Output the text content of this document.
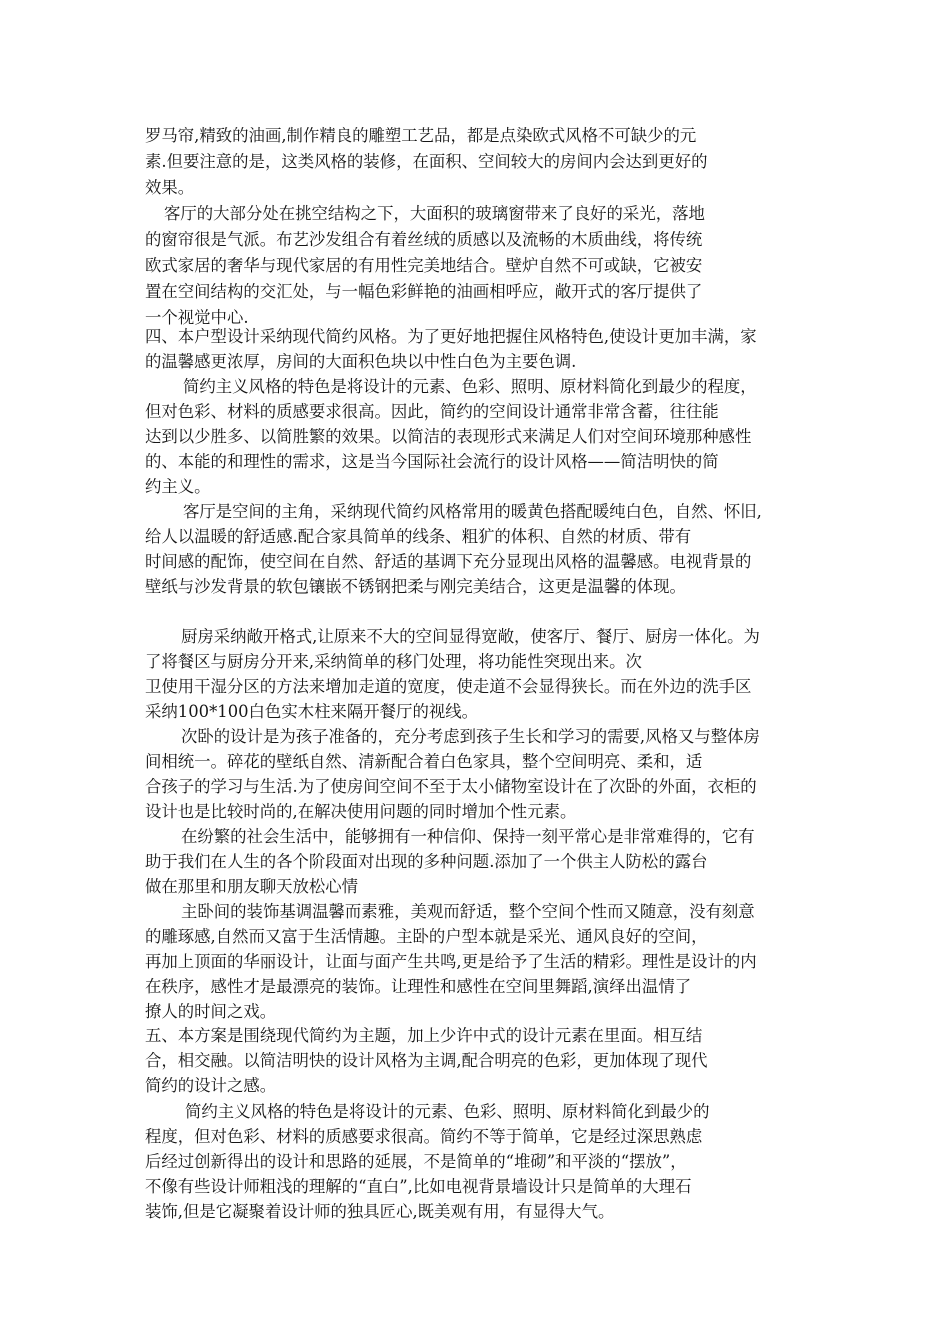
罗马帘,精致的油画,制作精良的雕塑工艺品，都是点染欧式风格不可缺少的元

素.但要注意的是，这类风格的装修，在面积、空间较大的房间内会达到更好的

效果。

客厅的大部分处在挑空结构之下，大面积的玻璃窗带来了良好的采光，落地

的窗帘很是气派。布艺沙发组合有着丝绒的质感以及流畅的木质曲线，将传统

欧式家居的奢华与现代家居的有用性完美地结合。壁炉自然不可或缺，它被安

置在空间结构的交汇处，与一幅色彩鲜艳的油画相呼应，敞开式的客厅提供了

一个视觉中心.

四、本户型设计采纳现代简约风格。为了更好地把握住风格特色,使设计更加丰满，家

的温馨感更浓厚，房间的大面积色块以中性白色为主要色调.

简约主义风格的特色是将设计的元素、色彩、照明、原材料简化到最少的程度，

但对色彩、材料的质感要求很高。因此，简约的空间设计通常非常含蓄，往往能

达到以少胜多、以简胜繁的效果。以简洁的表现形式来满足人们对空间环境那种感性

的、本能的和理性的需求，这是当今国际社会流行的设计风格——简洁明快的简

约主义。

客厅是空间的主角，采纳现代简约风格常用的暖黄色搭配暖纯白色，自然、怀旧,

给人以温暖的舒适感.配合家具简单的线条、粗犷的体积、自然的材质、带有

时间感的配饰，使空间在自然、舒适的基调下充分显现出风格的温馨感。电视背景的

壁纸与沙发背景的软包镶嵌不锈钢把柔与刚完美结合，这更是温馨的体现。

厨房采纳敞开格式,让原来不大的空间显得宽敞，使客厅、餐厅、厨房一体化。为

了将餐区与厨房分开来,采纳简单的移门处理，将功能性突现出来。次

卫使用干湿分区的方法来增加走道的宽度，使走道不会显得狭长。而在外边的洗手区

采纳100*100白色实木柱来隔开餐厅的视线。

次卧的设计是为孩子准备的，充分考虑到孩子生长和学习的需要,风格又与整体房

间相统一。碎花的壁纸自然、清新配合着白色家具，整个空间明亮、柔和，适

合孩子的学习与生活.为了使房间空间不至于太小储物室设计在了次卧的外面，衣柜的

设计也是比较时尚的,在解决使用问题的同时增加个性元素。

在纷繁的社会生活中，能够拥有一种信仰、保持一刻平常心是非常难得的，它有

助于我们在人生的各个阶段面对出现的多种问题.添加了一个供主人防松的露台

做在那里和朋友聊天放松心情

主卧间的装饰基调温馨而素雅，美观而舒适，整个空间个性而又随意，没有刻意

的雕琢感,自然而又富于生活情趣。主卧的户型本就是采光、通风良好的空间，

再加上顶面的华丽设计，让面与面产生共鸣,更是给予了生活的精彩。理性是设计的内

在秩序，感性才是最漂亮的装饰。让理性和感性在空间里舞蹈,演绎出温情了

撩人的时间之戏。

五、本方案是围绕现代简约为主题，加上少许中式的设计元素在里面。相互结

合，相交融。以简洁明快的设计风格为主调,配合明亮的色彩，更加体现了现代

简约的设计之感。

简约主义风格的特色是将设计的元素、色彩、照明、原材料简化到最少的

程度，但对色彩、材料的质感要求很高。简约不等于简单，它是经过深思熟虑

后经过创新得出的设计和思路的延展，不是简单的“堆砌”和平淡的“摆放”，

不像有些设计师粗浅的理解的“直白”,比如电视背景墙设计只是简单的大理石

装饰,但是它凝聚着设计师的独具匠心,既美观有用，有显得大气。
